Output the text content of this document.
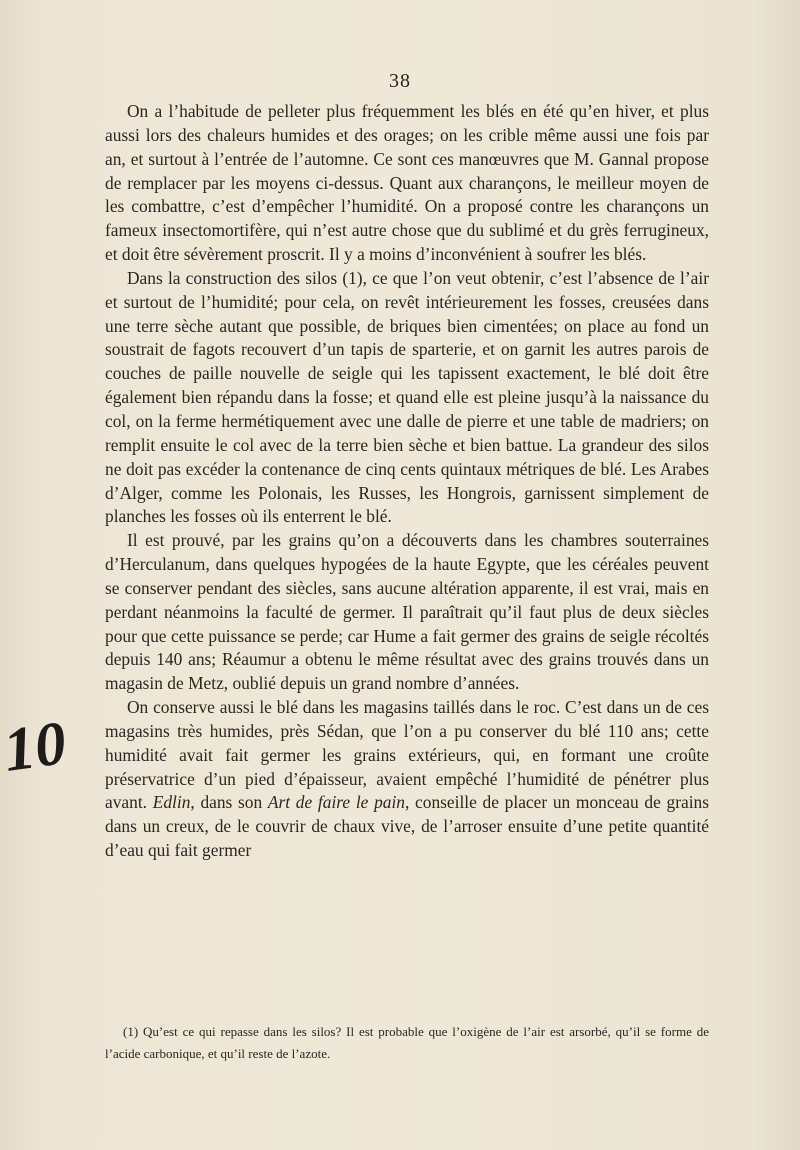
38

On a l’habitude de pelleter plus fréquemment les blés en été qu’en hiver, et plus aussi lors des chaleurs humides et des orages; on les crible même aussi une fois par an, et surtout à l’entrée de l’automne. Ce sont ces manœuvres que M. Gannal propose de remplacer par les moyens ci-dessus. Quant aux charançons, le meilleur moyen de les combattre, c’est d’empêcher l’humidité. On a proposé contre les charançons un fameux insectomortifère, qui n’est autre chose que du sublimé et du grès ferrugineux, et doit être sévèrement proscrit. Il y a moins d’inconvénient à soufrer les blés.

Dans la construction des silos (1), ce que l’on veut obtenir, c’est l’absence de l’air et surtout de l’humidité; pour cela, on revêt intérieurement les fosses, creusées dans une terre sèche autant que possible, de briques bien cimentées; on place au fond un soustrait de fagots recouvert d’un tapis de sparterie, et on garnit les autres parois de couches de paille nouvelle de seigle qui les tapissent exactement, le blé doit être également bien répandu dans la fosse; et quand elle est pleine jusqu’à la naissance du col, on la ferme hermétiquement avec une dalle de pierre et une table de madriers; on remplit ensuite le col avec de la terre bien sèche et bien battue. La grandeur des silos ne doit pas excéder la contenance de cinq cents quintaux métriques de blé. Les Arabes d’Alger, comme les Polonais, les Russes, les Hongrois, garnissent simplement de planches les fosses où ils enterrent le blé.

Il est prouvé, par les grains qu’on a découverts dans les chambres souterraines d’Herculanum, dans quelques hypogées de la haute Egypte, que les céréales peuvent se conserver pendant des siècles, sans aucune altération apparente, il est vrai, mais en perdant néanmoins la faculté de germer. Il paraîtrait qu’il faut plus de deux siècles pour que cette puissance se perde; car Hume a fait germer des grains de seigle récoltés depuis 140 ans; Réaumur a obtenu le même résultat avec des grains trouvés dans un magasin de Metz, oublié depuis un grand nombre d’années.

On conserve aussi le blé dans les magasins taillés dans le roc. C’est dans un de ces magasins très humides, près Sédan, que l’on a pu conserver du blé 110 ans; cette humidité avait fait germer les grains extérieurs, qui, en formant une croûte préservatrice d’un pied d’épaisseur, avaient empêché l’humidité de pénétrer plus avant. Edlin, dans son Art de faire le pain, conseille de placer un monceau de grains dans un creux, de le couvrir de chaux vive, de l’arroser ensuite d’une petite quantité d’eau qui fait germer

(1) Qu’est ce qui repasse dans les silos? Il est probable que l’oxigène de l’air est arsorbé, qu’il se forme de l’acide carbonique, et qu’il reste de l’azote.

10
